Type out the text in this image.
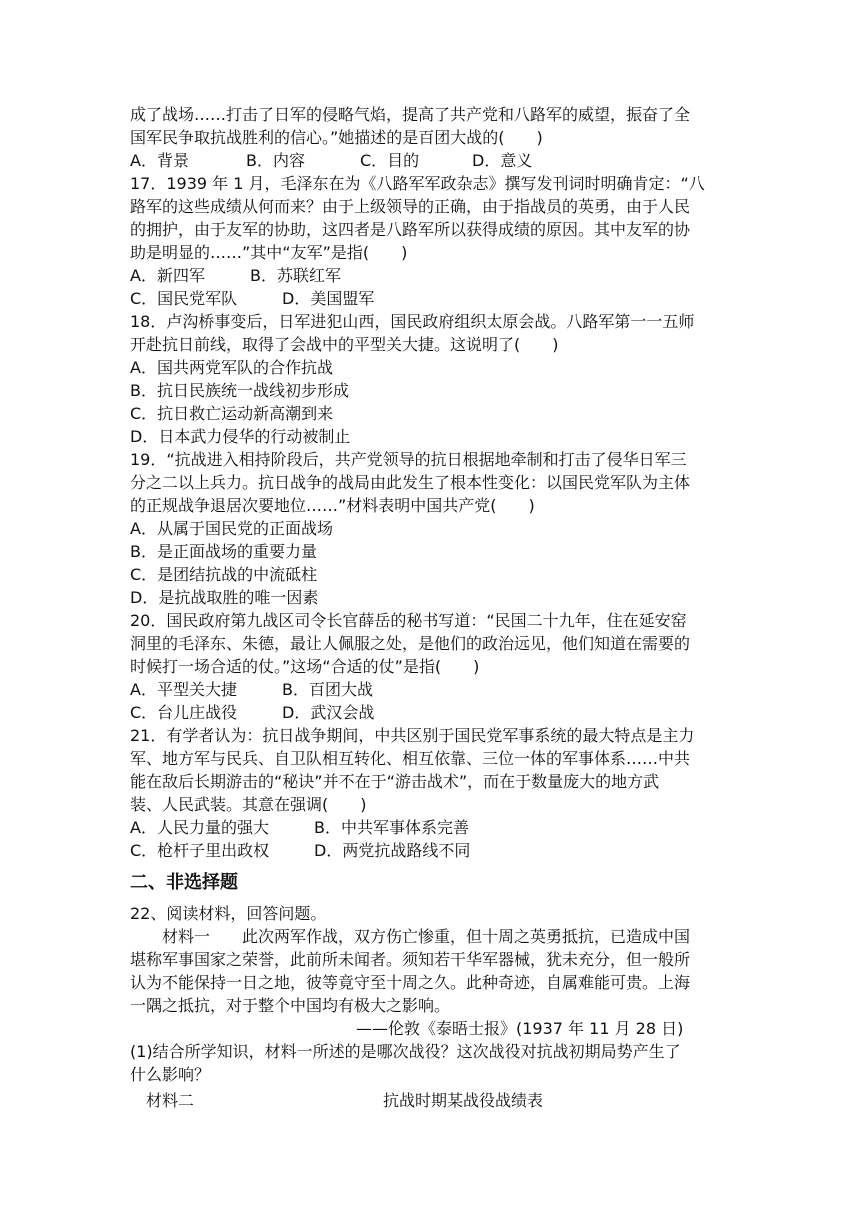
成了战场……打击了日军的侵略气焰，提高了共产党和八路军的威望，振奋了全
国军民争取抗战胜利的信心。”她描述的是百团大战的(　　)
A．背景	B．内容	C．目的	D．意义
17．1939 年 1 月，毛泽东在为《八路军军政杂志》撰写发刊词时明确肯定：“八
路军的这些成绩从何而来？由于上级领导的正确，由于指战员的英勇，由于人民
的拥护，由于友军的协助，这四者是八路军所以获得成绩的原因。其中友军的协
助是明显的……”其中“友军”是指(　　)
A．新四军	B．苏联红军
C．国民党军队	D．美国盟军
18．卢沟桥事变后，日军进犯山西，国民政府组织太原会战。八路军第一一五师
开赴抗日前线，取得了会战中的平型关大捷。这说明了(　　)
A．国共两党军队的合作抗战
B．抗日民族统一战线初步形成
C．抗日救亡运动新高潮到来
D．日本武力侵华的行动被制止
19．“抗战进入相持阶段后，共产党领导的抗日根据地牵制和打击了侵华日军三
分之二以上兵力。抗日战争的战局由此发生了根本性变化：以国民党军队为主体
的正规战争退居次要地位……”材料表明中国共产党(　　)
A．从属于国民党的正面战场
B．是正面战场的重要力量
C．是团结抗战的中流砥柱
D．是抗战取胜的唯一因素
20．国民政府第九战区司令长官薛岳的秘书写道：“民国二十九年，住在延安窑
洞里的毛泽东、朱德，最让人佩服之处，是他们的政治远见，他们知道在需要的
时候打一场合适的仗。”这场“合适的仗”是指(　　)
A．平型关大捷	B．百团大战
C．台儿庄战役	D．武汉会战
21．有学者认为：抗日战争期间，中共区别于国民党军事系统的最大特点是主力
军、地方军与民兵、自卫队相互转化、相互依靠、三位一体的军事体系……中共
能在敌后长期游击的“秘诀”并不在于“游击战术”，而在于数量庞大的地方武
装、人民武装。其意在强调(　　)
A．人民力量的强大	B．中共军事体系完善
C．枪杆子里出政权	D．两党抗战路线不同
二、非选择题
22、阅读材料，回答问题。
材料一　　此次两军作战，双方伤亡惨重，但十周之英勇抵抗，已造成中国
堪称军事国家之荣誉，此前所未闻者。须知若干华军器械，犹未充分，但一般所
认为不能保持一日之地，彼等竟守至十周之久。此种奇迹，自属难能可贵。上海
一隅之抵抗，对于整个中国均有极大之影响。
——伦敦《泰晤士报》(1937 年 11 月 28 日)
(1)结合所学知识，材料一所述的是哪次战役？这次战役对抗战初期局势产生了
什么影响？
材料二	抗战时期某战役战绩表
